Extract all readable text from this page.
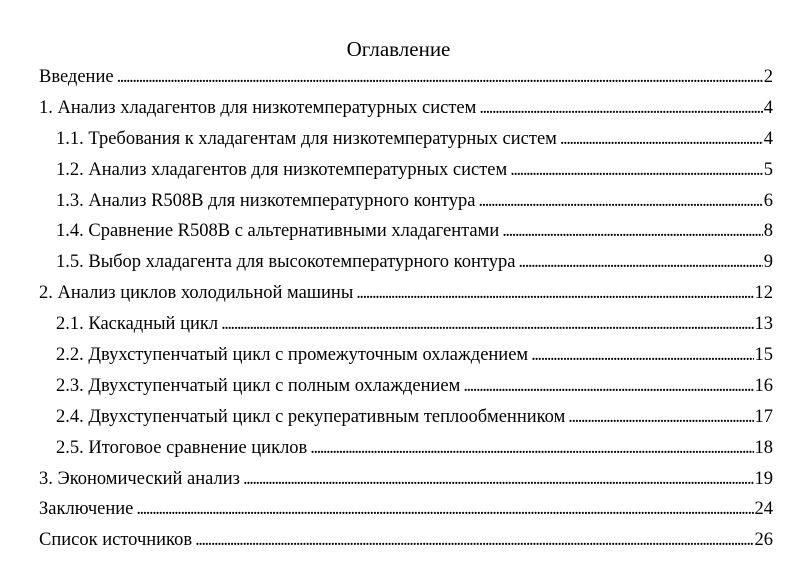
Оглавление
Введение . . .	2
1. Анализ хладагентов для низкотемпературных систем . . .	4
1.1. Требования к хладагентам для низкотемпературных систем . . .	4
1.2. Анализ хладагентов для низкотемпературных систем . . .	5
1.3. Анализ R508B для низкотемпературного контура . . .	6
1.4. Сравнение R508B с альтернативными хладагентами . . .	8
1.5. Выбор хладагента для высокотемпературного контура . . .	9
2. Анализ циклов холодильной машины . . .	12
2.1. Каскадный цикл . . .	13
2.2. Двухступенчатый цикл с промежуточным охлаждением . . .	15
2.3. Двухступенчатый цикл с полным охлаждением . . .	16
2.4. Двухступенчатый цикл с рекуперативным теплообменником . . .	17
2.5. Итоговое сравнение циклов . . .	18
3. Экономический анализ . . .	19
Заключение . . .	24
Список источников . . .	26
